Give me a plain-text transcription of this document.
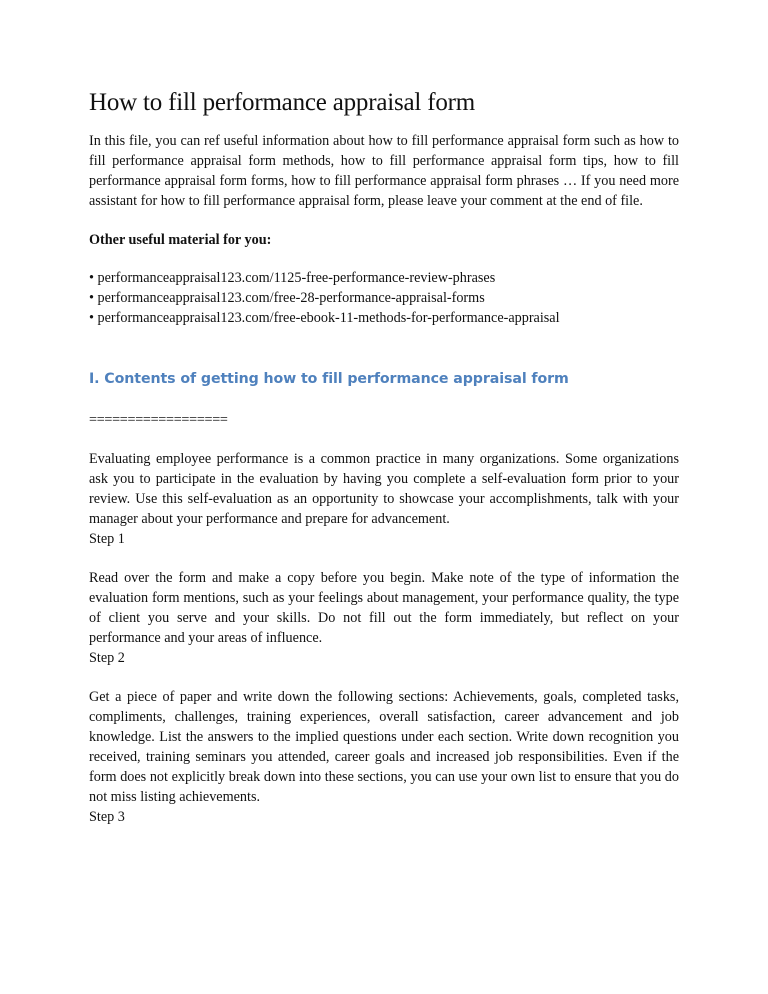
How to fill performance appraisal form

In this file, you can ref useful information about how to fill performance appraisal form such as how to fill performance appraisal form methods, how to fill performance appraisal form tips, how to fill performance appraisal form forms, how to fill performance appraisal form phrases … If you need more assistant for how to fill performance appraisal form, please leave your comment at the end of file.

Other useful material for you:
• performanceappraisal123.com/1125-free-performance-review-phrases
• performanceappraisal123.com/free-28-performance-appraisal-forms
• performanceappraisal123.com/free-ebook-11-methods-for-performance-appraisal
I. Contents of getting how to fill performance appraisal form
==================

Evaluating employee performance is a common practice in many organizations. Some organizations ask you to participate in the evaluation by having you complete a self-evaluation form prior to your review. Use this self-evaluation as an opportunity to showcase your accomplishments, talk with your manager about your performance and prepare for advancement.

Step 1

Read over the form and make a copy before you begin. Make note of the type of information the evaluation form mentions, such as your feelings about management, your performance quality, the type of client you serve and your skills. Do not fill out the form immediately, but reflect on your performance and your areas of influence.

Step 2

Get a piece of paper and write down the following sections: Achievements, goals, completed tasks, compliments, challenges, training experiences, overall satisfaction, career advancement and job knowledge. List the answers to the implied questions under each section. Write down recognition you received, training seminars you attended, career goals and increased job responsibilities. Even if the form does not explicitly break down into these sections, you can use your own list to ensure that you do not miss listing achievements.

Step 3
